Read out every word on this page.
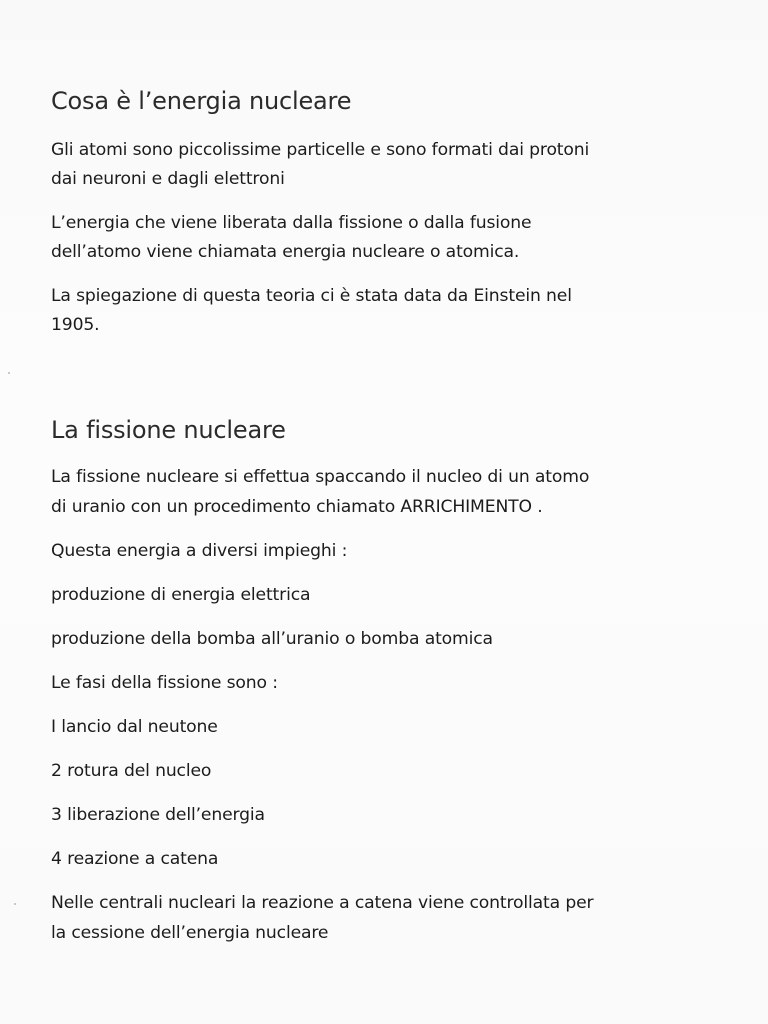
Cosa è l’energia nucleare

Gli atomi sono piccolissime particelle e sono formati dai protoni

dai neuroni e dagli elettroni

L’energia che viene liberata dalla fissione o dalla fusione

dell’atomo viene chiamata energia nucleare o atomica.

La spiegazione di questa teoria ci è stata data da Einstein nel

1905.

La fissione nucleare

La fissione nucleare si effettua spaccando il nucleo di un atomo

di uranio con un procedimento chiamato ARRICHIMENTO .

Questa energia a diversi impieghi :

produzione di energia elettrica

produzione della bomba all’uranio o bomba atomica

Le fasi della fissione sono :

I lancio dal neutone

2 rotura del nucleo

3 liberazione dell’energia

4 reazione a catena

Nelle centrali nucleari la reazione a catena viene controllata per

la cessione dell’energia nucleare
